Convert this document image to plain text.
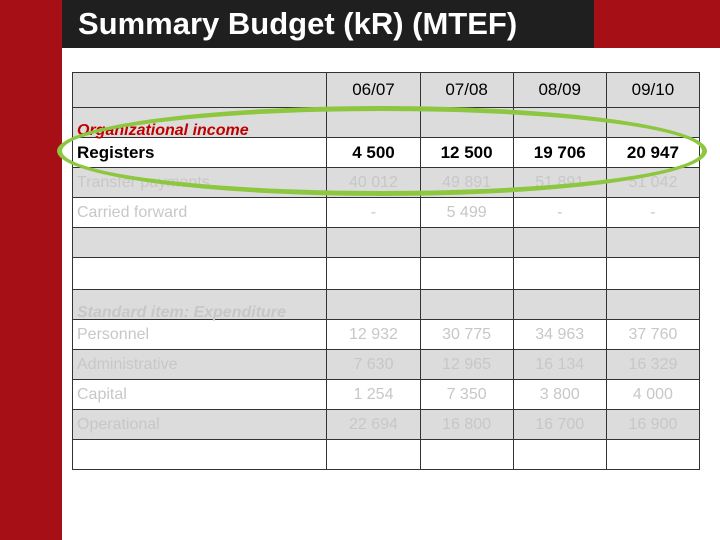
Summary Budget (kR) (MTEF)
	06/07	07/08	08/09	09/10
Organizational income				
Registers	4 500	12 500	19 706	20 947
Transfer payments	40 012	49 891	51 891	51 042
Carried forward	-	5 499	-	-

Standard item: Expenditure				
Personnel	12 932	30 775	34 963	37 760
Administrative	7 630	12 965	16 134	16 329
Capital	1 254	7 350	3 800	4 000
Operational	22 694	16 800	16 700	16 900
